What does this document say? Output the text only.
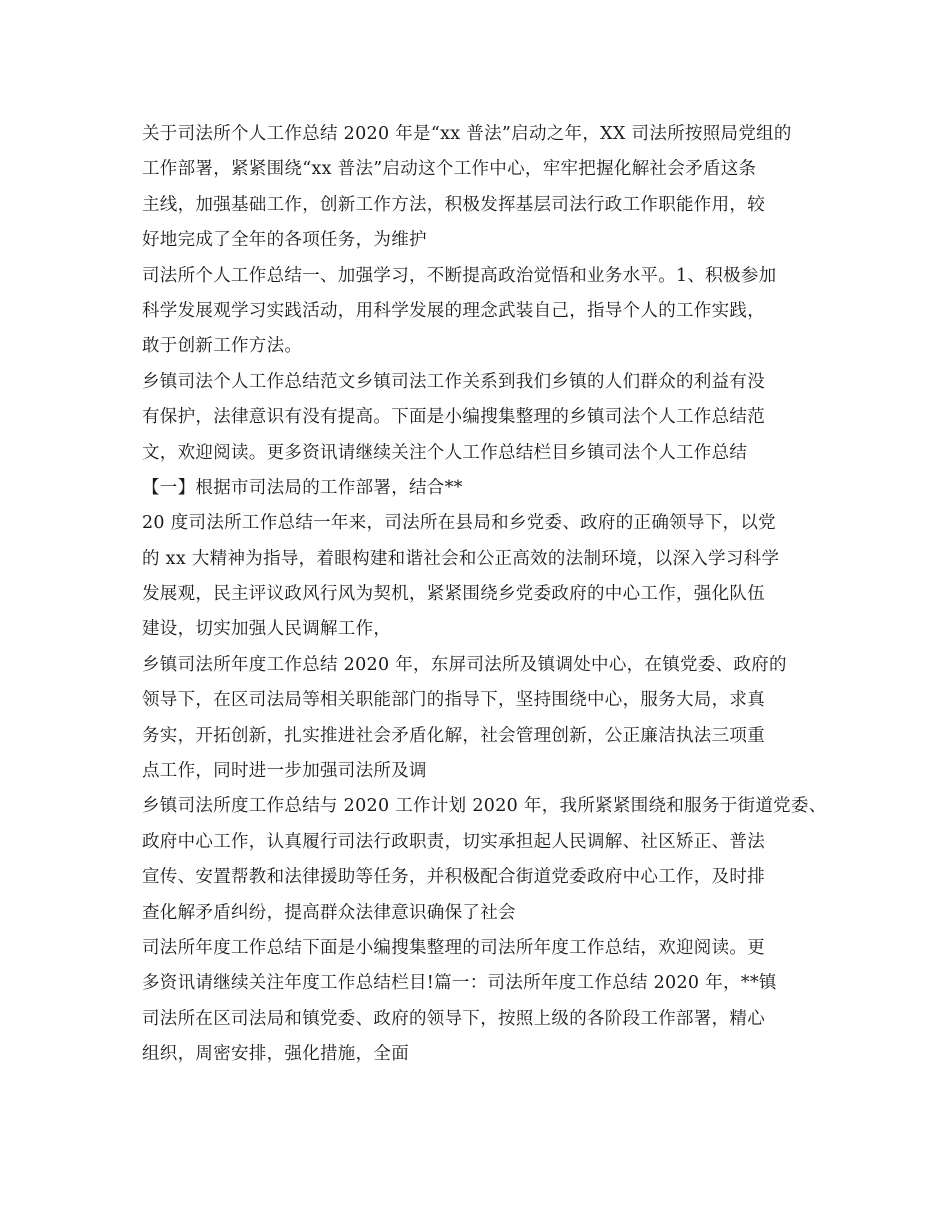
关于司法所个人工作总结 2020 年是“xx 普法”启动之年，XX 司法所按照局党组的
工作部署，紧紧围绕“xx 普法”启动这个工作中心，牢牢把握化解社会矛盾这条
主线，加强基础工作，创新工作方法，积极发挥基层司法行政工作职能作用，较
好地完成了全年的各项任务，为维护
司法所个人工作总结一、加强学习，不断提高政治觉悟和业务水平。1、积极参加
科学发展观学习实践活动，用科学发展的理念武装自己，指导个人的工作实践，
敢于创新工作方法。
乡镇司法个人工作总结范文乡镇司法工作关系到我们乡镇的人们群众的利益有没
有保护，法律意识有没有提高。下面是小编搜集整理的乡镇司法个人工作总结范
文，欢迎阅读。更多资讯请继续关注个人工作总结栏目乡镇司法个人工作总结
【一】根据市司法局的工作部署，结合**
20 度司法所工作总结一年来，司法所在县局和乡党委、政府的正确领导下，以党
的 xx 大精神为指导，着眼构建和谐社会和公正高效的法制环境，以深入学习科学
发展观，民主评议政风行风为契机，紧紧围绕乡党委政府的中心工作，强化队伍
建设，切实加强人民调解工作，
乡镇司法所年度工作总结 2020 年，东屏司法所及镇调处中心，在镇党委、政府的
领导下，在区司法局等相关职能部门的指导下，坚持围绕中心，服务大局，求真
务实，开拓创新，扎实推进社会矛盾化解，社会管理创新，公正廉洁执法三项重
点工作，同时进一步加强司法所及调
乡镇司法所度工作总结与 2020 工作计划 2020 年，我所紧紧围绕和服务于街道党委、
政府中心工作，认真履行司法行政职责，切实承担起人民调解、社区矫正、普法
宣传、安置帮教和法律援助等任务，并积极配合街道党委政府中心工作，及时排
查化解矛盾纠纷，提高群众法律意识确保了社会
司法所年度工作总结下面是小编搜集整理的司法所年度工作总结，欢迎阅读。更
多资讯请继续关注年度工作总结栏目!篇一：司法所年度工作总结 2020 年，**镇
司法所在区司法局和镇党委、政府的领导下，按照上级的各阶段工作部署，精心
组织，周密安排，强化措施，全面
